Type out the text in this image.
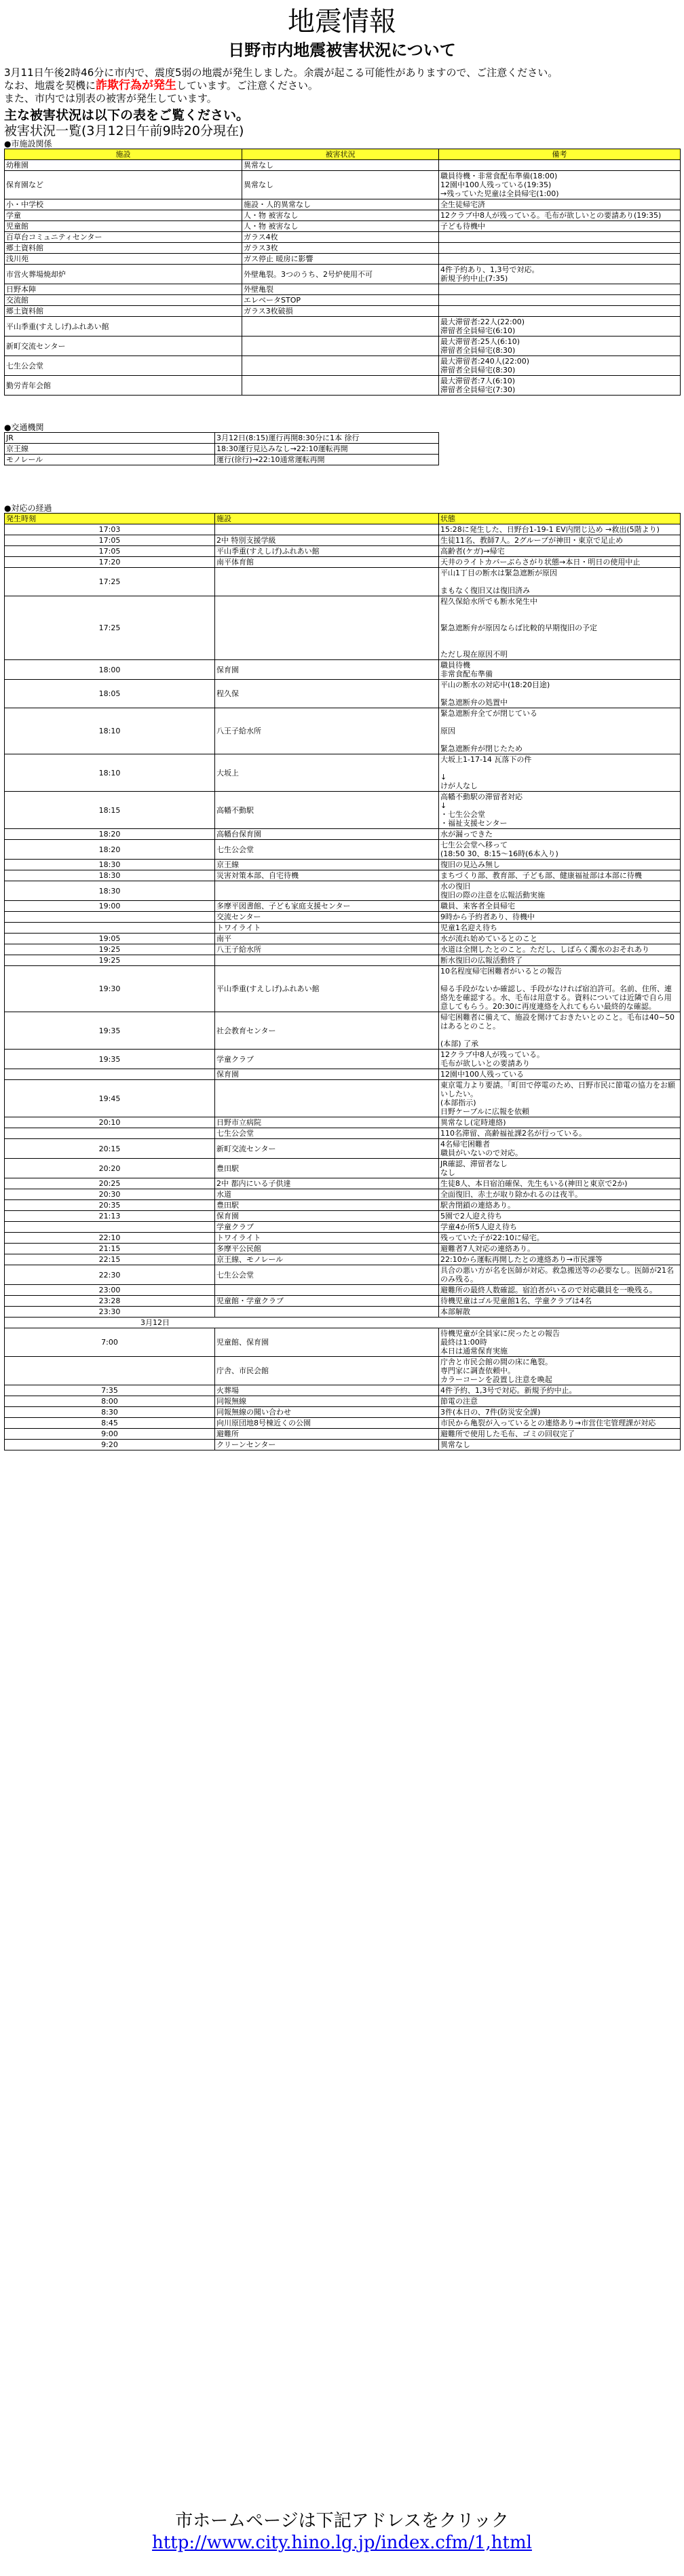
地震情報
日野市内地震被害状況について

3月11日午後2時46分に市内で、震度5弱の地震が発生しました。余震が起こる可能性がありますので、ご注意ください。

なお、地震を契機に詐欺行為が発生しています。ご注意ください。

また、市内では別表の被害が発生しています。

主な被害状況は以下の表をご覧ください。
被害状況一覧(3月12日午前9時20分現在)
●市施設関係
施設	被害状況	備考
幼稚園	異常なし	
保育園など	異常なし	職員待機・非常食配布準備(18:00)
12園中100人残っている(19:35)
→残っていた児童は全員帰宅(1:00)
小・中学校	施設・人的異常なし	全生徒帰宅済
学童	人・物 被害なし	12クラブ中8人が残っている。毛布が欲しいとの要請あり(19:35)
児童館	人・物 被害なし	子ども待機中
百草台コミュニティセンター	ガラス4枚	
郷土資料館	ガラス3枚	
浅川苑	ガス停止 暖房に影響	
市営火葬場焼却炉	外壁亀裂。3つのうち、2号炉使用不可	4件予約あり、1,3号で対応。
新規予約中止(7:35)
日野本陣	外壁亀裂	
交流館	エレベータSTOP	
郷土資料館	ガラス3枚破損	
平山季重(すえしげ)ふれあい館		最大滞留者:22人(22:00)
滞留者全員帰宅(6:10)
新町交流センター		最大滞留者:25人(6:10)
滞留者全員帰宅(8:30)
七生公会堂		最大滞留者:240人(22:00)
滞留者全員帰宅(8:30)
勤労青年会館		最大滞留者:7人(6:10)
滞留者全員帰宅(7:30)
●交通機関
JR	3月12日(8:15)運行再開8:30分に1本 徐行
京王線	18:30運行見込みなし→22:10運転再開
モノレール	運行(徐行)→22:10通常運転再開
●対応の経過
発生時刻	施設	状態
17:03		15:28に発生した、日野台1-19-1 EV内閉じ込め →救出(5階より)
17:05	2中 特別支援学級	生徒11名、教師7人。2グループが神田・東京で足止め
17:05	平山季重(すえしげ)ふれあい館	高齢者(ケガ)→帰宅
17:20	南平体育館	天井のライトカバーぶらさがり状態→本日・明日の使用中止
17:25		平山1丁目の断水は緊急遮断が原因

まもなく復旧又は復旧済み
17:25		程久保給水所でも断水発生中

緊急遮断弁が原因ならば比較的早期復旧の予定

ただし現在原因不明
18:00	保育園	職員待機
非常食配布準備
18:05	程久保	平山の断水の対応中(18:20目途)

緊急遮断弁の処置中
18:10	八王子給水所	緊急遮断弁全てが閉じている

原因

緊急遮断弁が閉じたため
18:10	大坂上	大坂上1-17-14 瓦落下の件

↓
けが人なし
18:15	高幡不動駅	高幡不動駅の滞留者対応
↓
・七生公会堂
・福祉支援センター
18:20	高幡台保育園	水が漏っできた
18:20	七生公会堂	七生公会堂へ移って
(18:50 30、8:15〜16時(6本入り)
18:30	京王線	復旧の見込み無し
18:30	災害対策本部、自宅待機	まちづくり部、教育部、子ども部、健康福祉部は本部に待機
18:30		水の復旧
復旧の際の注意を広報活動実施
19:00	多摩平図書館、子ども家庭支援センター	職員、来客者全員帰宅
	交流センター	9時から予約者あり、待機中
	トワイライト	児童1名迎え待ち
19:05	南平	水が流れ始めているとのこと
19:25	八王子給水所	水道は全開したとのこと。ただし、しばらく濁水のおそれあり
19:25		断水復旧の広報活動終了
19:30	平山季重(すえしげ)ふれあい館	10名程度帰宅困難者がいるとの報告

帰る手段がないか確認し、手段がなければ宿泊許可。名前、住所、連絡先を確認する。水、毛布は用意する。資料については近隣で自ら用意してもらう。20:30に再度連絡を入れてもらい最終的な確認。
19:35	社会教育センター	帰宅困難者に備えて、施設を開けておきたいとのこと。毛布は40~50はあるとのこと。

(本部) 了承
19:35	学童クラブ	12クラブ中8人が残っている。
毛布が欲しいとの要請あり
	保育園	12園中100人残っている
19:45		東京電力より要請。「町田で停電のため、日野市民に節電の協力をお願いしたい。
(本部指示)
日野ケーブルに広報を依頼
20:10	日野市立病院	異常なし(定時連絡)
	七生公会堂	110名滞留、高齢福祉課2名が行っている。
20:15	新町交流センター	4名帰宅困難者
職員がいないので対応。
20:20	豊田駅	JR確認、滞留者なし
なし
20:25	2中 都内にいる子供達	生徒8人、本日宿泊確保、先生もいる(神田と東京で2か)
20:30	水道	全面復旧、赤土が取り除かれるのは夜半。
20:35	豊田駅	駅舎閉鎖の連絡あり。
21:13	保育園	5園で2人迎え待ち
	学童クラブ	学童4か所5人迎え待ち
22:10	トワイライト	残っていた子が22:10に帰宅。
21:15	多摩平公民館	避難者7人対応の連絡あり。
22:15	京王線、モノレール	22:10から運転再開したとの連絡あり→市民課等
22:30	七生公会堂	具合の悪い方が名を医師が対応。救急搬送等の必要なし。医師が21名のみ残る。
23:00		避難所の最終人数確認。宿泊者がいるので対応職員を一晩残る。
23:28	児童館・学童クラブ	待機児童はゴル児童館1名、学童クラブは4名
23:30		本部解散
3月12日		
7:00	児童館、保育園	待機児童が全員家に戻ったとの報告
最終は1:00時
本日は通常保育実施
	庁舎、市民会館	庁舎と市民会館の間の床に亀裂。
専門家に調査依頼中。
カラーコーンを設置し注意を喚起
7:35	火葬場	4件予約、1,3号で対応。新規予約中止。
8:00	同報無線	節電の注意
8:30	同報無線の聞い合わせ	3件(本日の、7件(防災安全課)
8:45	向川原団地8号棟近くの公園	市民から亀裂が入っているとの連絡あり→市営住宅管理課が対応
9:00	避難所	避難所で使用した毛布、ゴミの回収完了
9:20	クリーンセンター	異常なし
市ホームページは下記アドレスをクリック
http://www.city.hino.lg.jp/index.cfm/1,html
